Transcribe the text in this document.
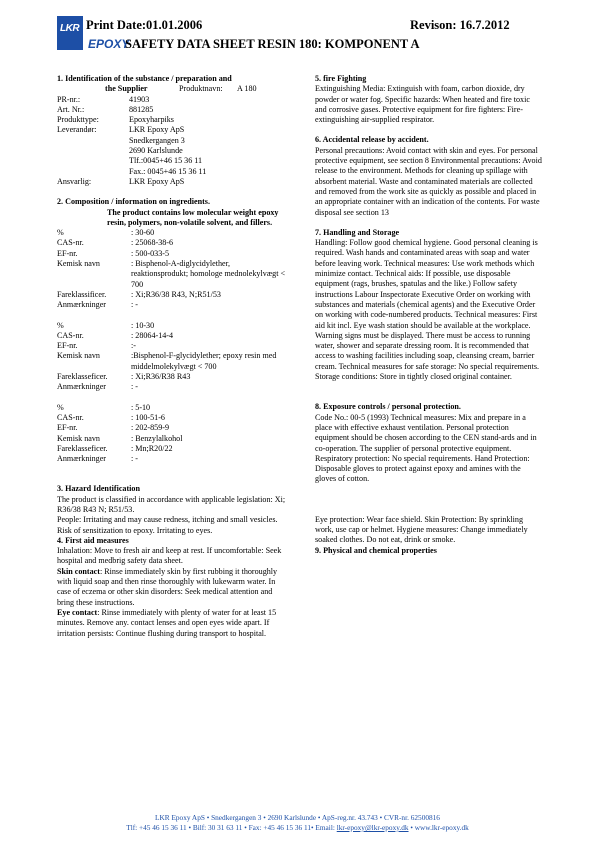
LKR
EPOXY
Print Date:01.01.2006	Revison: 16.7.2012
SAFETY DATA SHEET RESIN 180: KOMPONENT A
1. Identification of the substance / preparation and
the Supplier	Produktnavn:	A 180
PR-nr.:	41903
Art. Nr.:	881285
Produkttype:	Epoxyharpiks
Leverandør:	LKR Epoxy ApS
Snedkergangen 3
2690 Karlslunde
Tlf.:0045+46 15 36 11
Fax.: 0045+46 15 36 11
Ansvarlig:	LKR Epoxy ApS
2. Composition / information on ingredients.
The product contains low molecular weight epoxy resin, polymers, non-volatile solvent, and fillers.
%	: 30-60
CAS-nr.	: 25068-38-6
EF-nr.	: 500-033-5
Kemisk navn	: Bisphenol-A-diglycidylether, reaktionsprodukt; homologe mednolekylvægt < 700
Fareklassificer.	: Xi;R36/38 R43, N;R51/53
Anmærkninger	: -
%	: 10-30
CAS-nr.	: 28064-14-4
EF-nr.	:-
Kemisk navn	:Bisphenol-F-glycidylether; epoxy resin med middelmolekylvægt < 700
Fareklasseficer.	: Xi;R36/R38 R43
Anmærkninger	: -
%	: 5-10
CAS-nr.	: 100-51-6
EF-nr.	: 202-859-9
Kemisk navn	: Benzylalkohol
Fareklasseficer.	: Mn;R20/22
Anmærkninger	: -
3. Hazard Identification
The product is classified in accordance with applicable legislation: Xi; R36/38 R43 N; R51/53.
People: Irritating and may cause redness, itching and small vesicles. Risk of sensitization to epoxy. Irritating to eyes.
4. First aid measures
Inhalation: Move to fresh air and keep at rest. If uncomfortable: Seek hospital and medbrig safety data sheet.
Skin contact: Rinse immediately skin by first rubbing it thoroughly with liquid soap and then rinse thoroughly with lukewarm water. In case of eczema or other skin disorders: Seek medical attention and bring these instructions.
Eye contact: Rinse immediately with plenty of water for at least 15 minutes. Remove any. contact lenses and open eyes wide apart. If irritation persists: Continue flushing during transport to hospital.
5. fire Fighting
Extinguishing Media: Extinguish with foam, carbon dioxide, dry powder or water fog. Specific hazards: When heated and fire toxic and corrosive gases. Protective equipment for fire fighters: Fire-extinguishing air-supplied respirator.
6. Accidental release by accident.
Personal precautions: Avoid contact with skin and eyes. For personal protective equipment, see section 8 Environmental precautions: Avoid release to the environment. Methods for cleaning up spillage with absorbent material. Waste and contaminated materials are collected and removed from the work site as quickly as possible and placed in an appropriate container with an indication of the contents. For waste disposal see section 13
7. Handling and Storage
Handling: Follow good chemical hygiene. Good personal cleaning is required. Wash hands and contaminated areas with soap and water before leaving work. Technical measures: Use work methods which minimize contact. Technical aids: If possible, use disposable equipment (rags, brushes, spatulas and the like.) Follow safety instructions Labour Inspectorate Executive Order on working with substances and materials (chemical agents) and the Executive Order on working with code-numbered products. Technical measures: First aid kit incl. Eye wash station should be available at the workplace. Warning signs must be displayed. There must be access to running water, shower and separate dressing room. It is recommended that access to washing facilities including soap, cleansing cream, barrier cream. Technical measures for safe storage: No special requirements. Storage conditions: Store in tightly closed original container.
8. Exposure controls / personal protection.
Code No.: 00-5 (1993) Technical measures: Mix and prepare in a place with effective exhaust ventilation. Personal protection equipment should be chosen according to the CEN stand-ards and in co-operation. The supplier of personal protective equipment. Respiratory protection: No special requirements. Hand Protection: Disposable gloves to protect against epoxy and amines with the gloves of cotton.
Eye protection: Wear face shield. Skin Protection: By sprinkling work, use cap or helmet. Hygiene measures: Change immediately soaked clothes. Do not eat, drink or smoke.
9. Physical and chemical properties
LKR Epoxy ApS • Snedkergangen 3 • 2690 Karlslunde • ApS-reg.nr. 43.743 • CVR-nr. 62500816
Tlf: +45 46 15 36 11 • Bilf: 30 31 63 11 • Fax: +45 46 15 36 11• Email: lkr-epoxy@lkr-epoxy.dk • www.lkr-epoxy.dk
